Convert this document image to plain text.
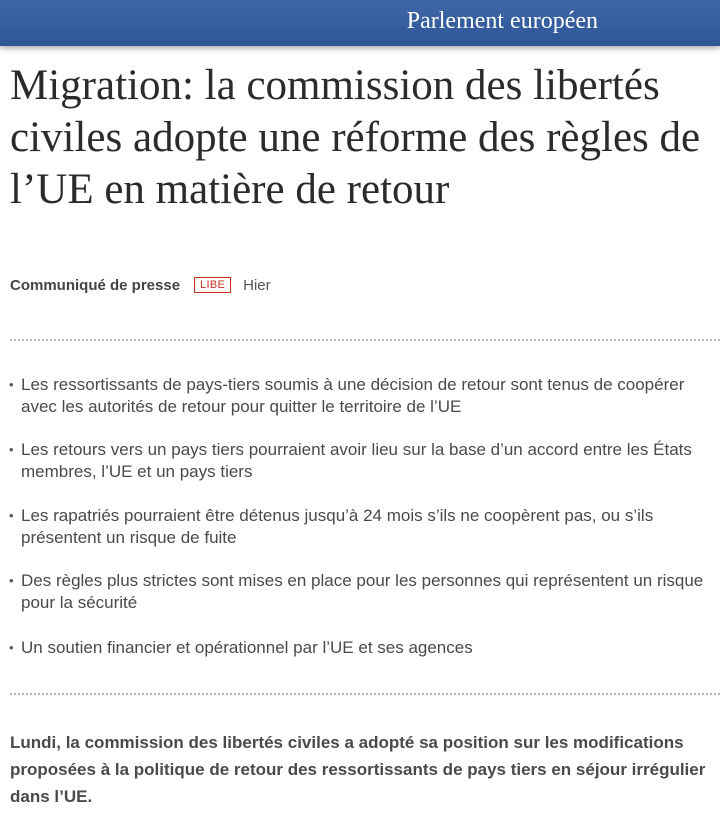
Parlement européen
Migration: la commission des libertés civiles adopte une réforme des règles de l’UE en matière de retour
Communiqué de presse	LIBE	Hier
• Les ressortissants de pays-tiers soumis à une décision de retour sont tenus de coopérer avec les autorités de retour pour quitter le territoire de l’UE
• Les retours vers un pays tiers pourraient avoir lieu sur la base d’un accord entre les États membres, l’UE et un pays tiers
• Les rapatriés pourraient être détenus jusqu’à 24 mois s’ils ne coopèrent pas, ou s’ils présentent un risque de fuite
• Des règles plus strictes sont mises en place pour les personnes qui représentent un risque pour la sécurité
• Un soutien financier et opérationnel par l’UE et ses agences

Lundi, la commission des libertés civiles a adopté sa position sur les modifications proposées à la politique de retour des ressortissants de pays tiers en séjour irrégulier dans l’UE.
